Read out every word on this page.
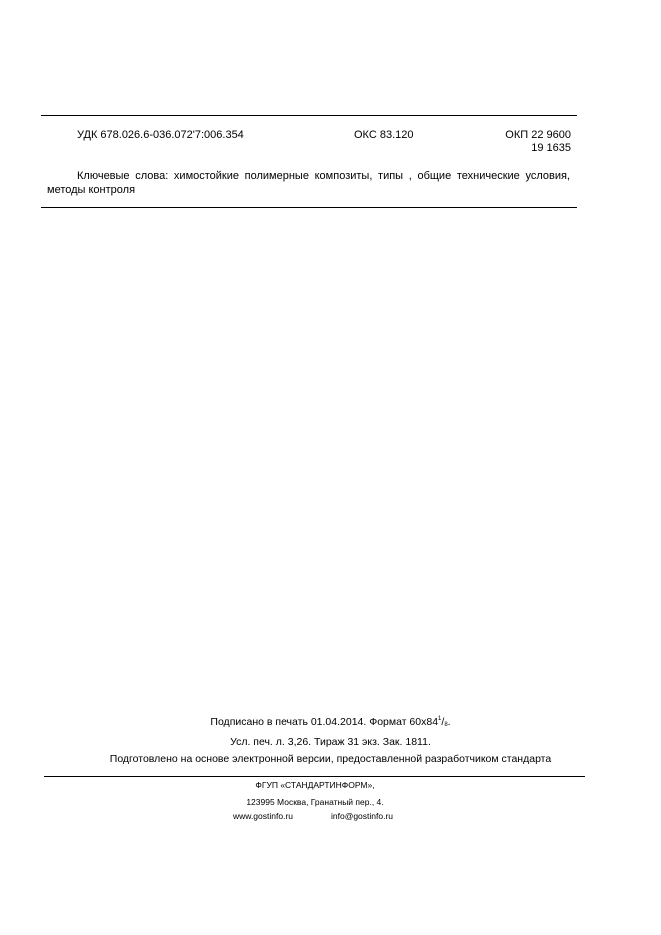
УДК 678.026.6-036.072'7:006.354	ОКС 83.120	ОКП 22 9600
19 1635
Ключевые слова: химостойкие полимерные композиты, типы , общие технические условия, методы контроля
Подписано в печать 01.04.2014. Формат $60х84^1/8$.
Усл. печ. л. 3,26. Тираж 31 экз. Зак. 1811.
Подготовлено на основе электронной версии, предоставленной разработчиком стандарта
ФГУП «СТАНДАРТИНФОРМ»,
123995 Москва, Гранатный пер., 4.
www.gostinfo.ru	info@gostinfo.ru
